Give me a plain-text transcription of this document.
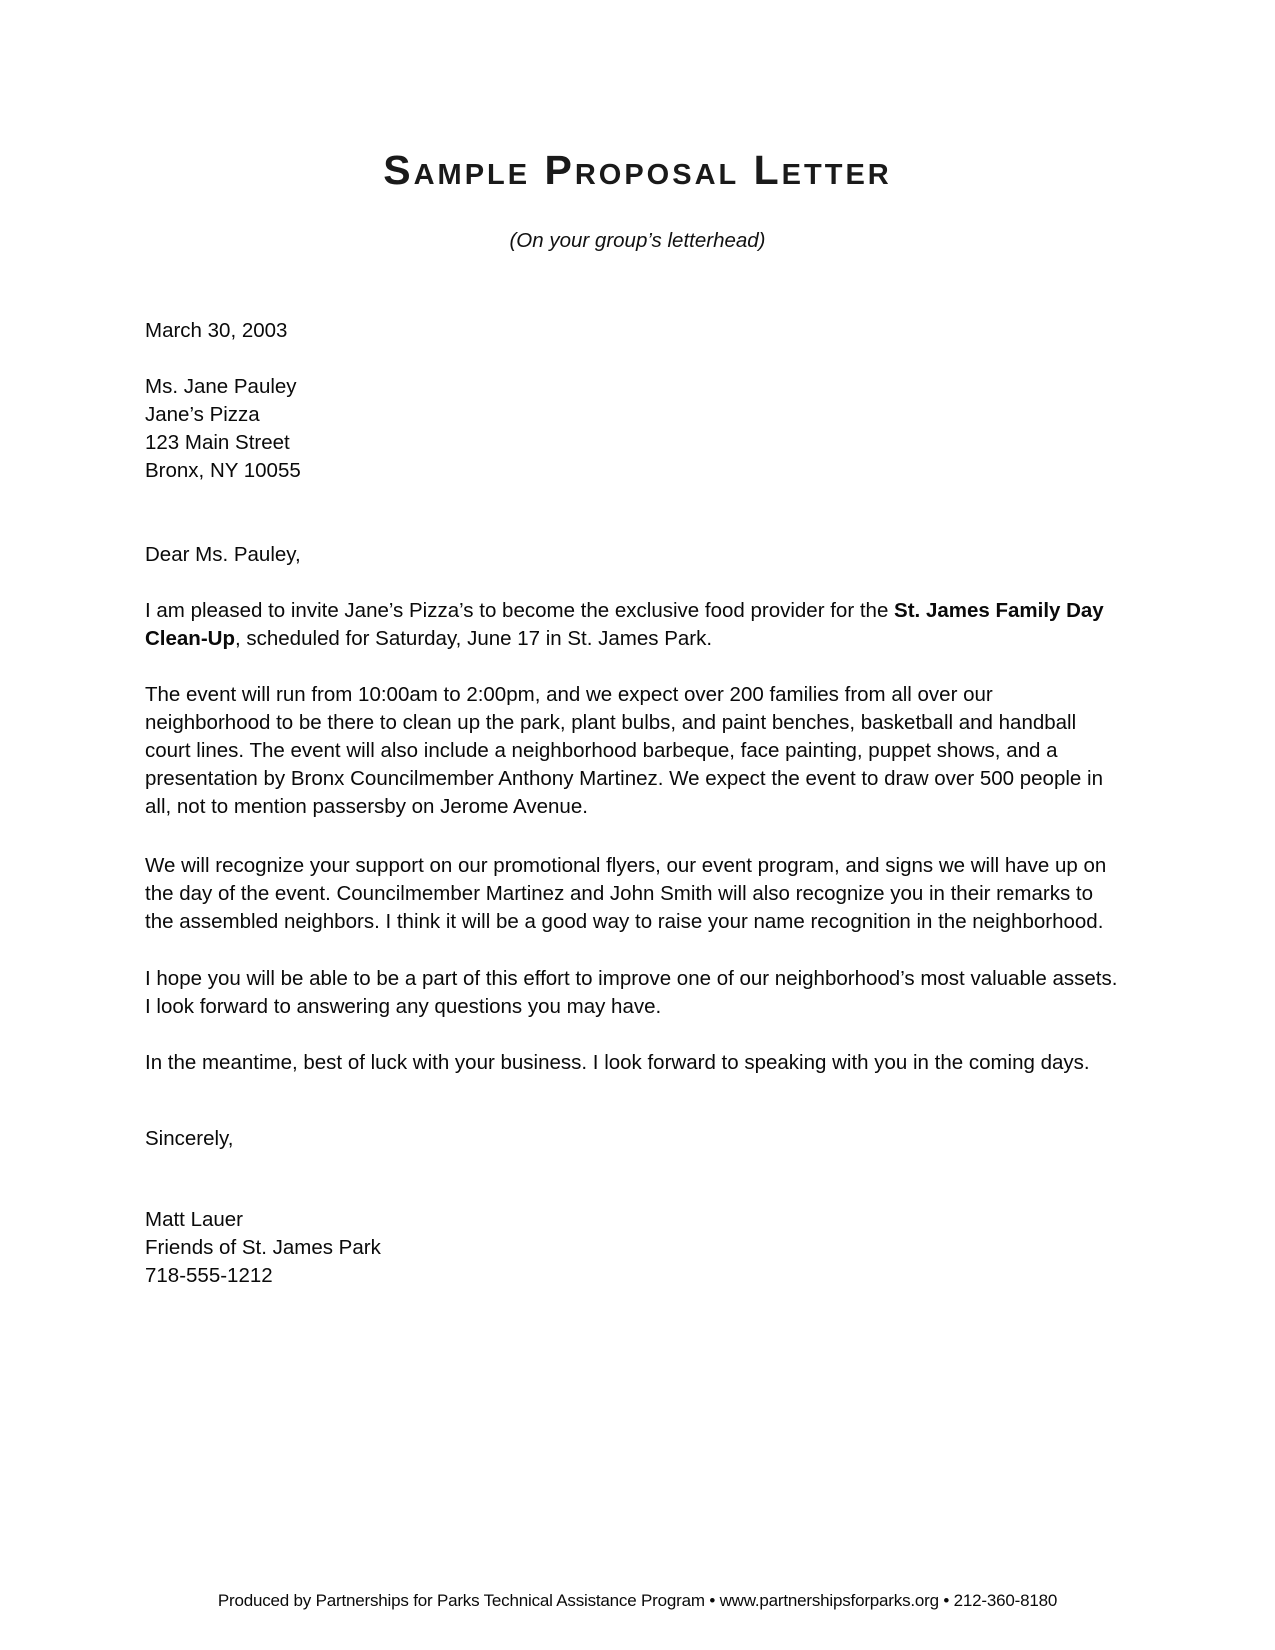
Sample Proposal Letter
(On your group’s letterhead)
March 30, 2003
Ms. Jane Pauley
Jane’s Pizza
123 Main Street
Bronx, NY 10055
Dear Ms. Pauley,

I am pleased to invite Jane’s Pizza’s to become the exclusive food provider for the St. James Family Day Clean-Up, scheduled for Saturday, June 17 in St. James Park.

The event will run from 10:00am to 2:00pm, and we expect over 200 families from all over our neighborhood to be there to clean up the park, plant bulbs, and paint benches, basketball and handball court lines. The event will also include a neighborhood barbeque, face painting, puppet shows, and a presentation by Bronx Councilmember Anthony Martinez. We expect the event to draw over 500 people in all, not to mention passersby on Jerome Avenue.

We will recognize your support on our promotional flyers, our event program, and signs we will have up on the day of the event. Councilmember Martinez and John Smith will also recognize you in their remarks to the assembled neighbors. I think it will be a good way to raise your name recognition in the neighborhood.

I hope you will be able to be a part of this effort to improve one of our neighborhood’s most valuable assets. I look forward to answering any questions you may have.

In the meantime, best of luck with your business. I look forward to speaking with you in the coming days.

Sincerely,
Matt Lauer
Friends of St. James Park
718-555-1212
Produced by Partnerships for Parks Technical Assistance Program • www.partnershipsforparks.org • 212-360-8180
